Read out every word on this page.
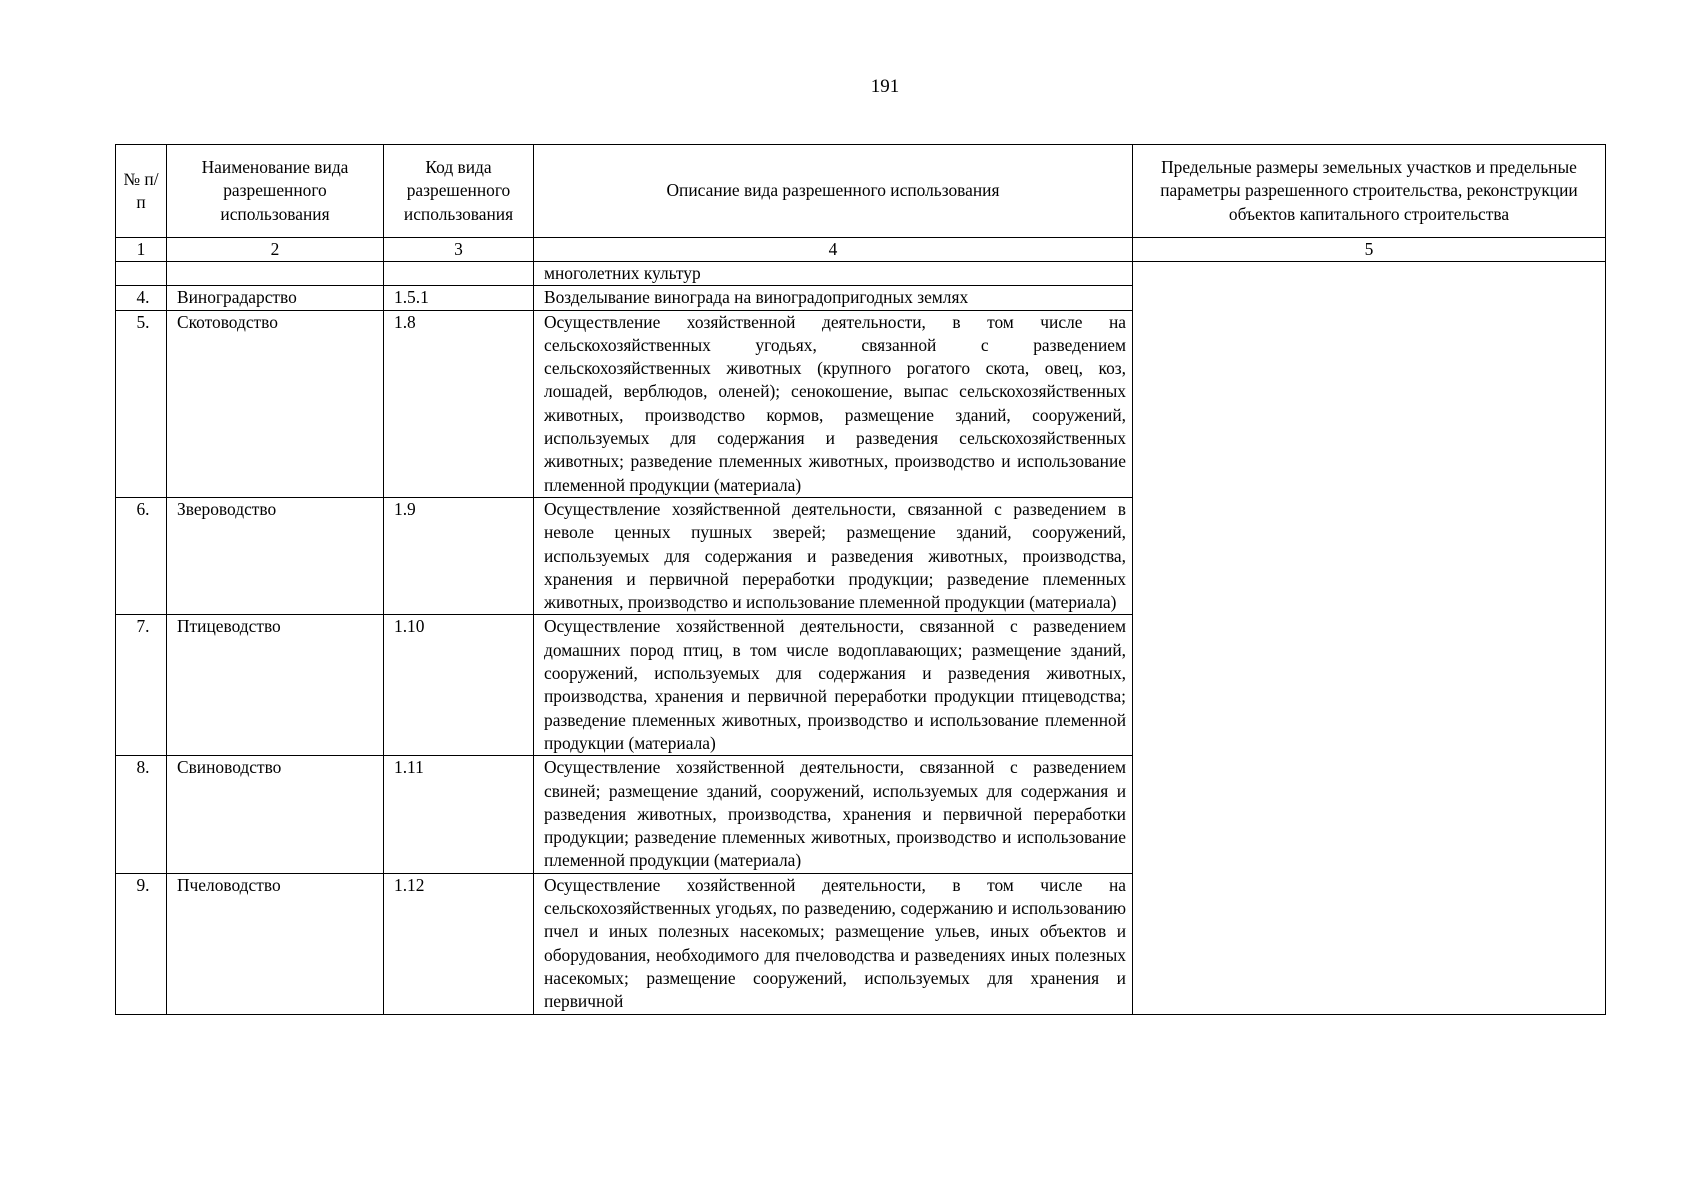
191
№ п/п	Наименование вида разрешенного использования	Код вида разрешенного использования	Описание вида разрешенного использования	Предельные размеры земельных участков и предельные параметры разрешенного строительства, реконструкции объектов капитального строительства
1	2	3	4	5
			многолетних культур	
4.	Виноградарство	1.5.1	Возделывание винограда на виноградопригодных землях	
5.	Скотоводство	1.8	Осуществление хозяйственной деятельности, в том числе на сельскохозяйственных угодьях, связанной с разведением сельскохозяйственных животных (крупного рогатого скота, овец, коз, лошадей, верблюдов, оленей); сенокошение, выпас сельскохозяйственных животных, производство кормов, размещение зданий, сооружений, используемых для содержания и разведения сельскохозяйственных животных; разведение племенных животных, производство и использование племенной продукции (материала)	
6.	Звероводство	1.9	Осуществление хозяйственной деятельности, связанной с разведением в неволе ценных пушных зверей; размещение зданий, сооружений, используемых для содержания и разведения животных, производства, хранения и первичной переработки продукции; разведение племенных животных, производство и использование племенной продукции (материала)	
7.	Птицеводство	1.10	Осуществление хозяйственной деятельности, связанной с разведением домашних пород птиц, в том числе водоплавающих; размещение зданий, сооружений, используемых для содержания и разведения животных, производства, хранения и первичной переработки продукции птицеводства; разведение племенных животных, производство и использование племенной продукции (материала)	
8.	Свиноводство	1.11	Осуществление хозяйственной деятельности, связанной с разведением свиней; размещение зданий, сооружений, используемых для содержания и разведения животных, производства, хранения и первичной переработки продукции; разведение племенных животных, производство и использование племенной продукции (материала)	
9.	Пчеловодство	1.12	Осуществление хозяйственной деятельности, в том числе на сельскохозяйственных угодьях, по разведению, содержанию и использованию пчел и иных полезных насекомых; размещение ульев, иных объектов и оборудования, необходимого для пчеловодства и разведениях иных полезных насекомых; размещение сооружений, используемых для хранения и первичной	
